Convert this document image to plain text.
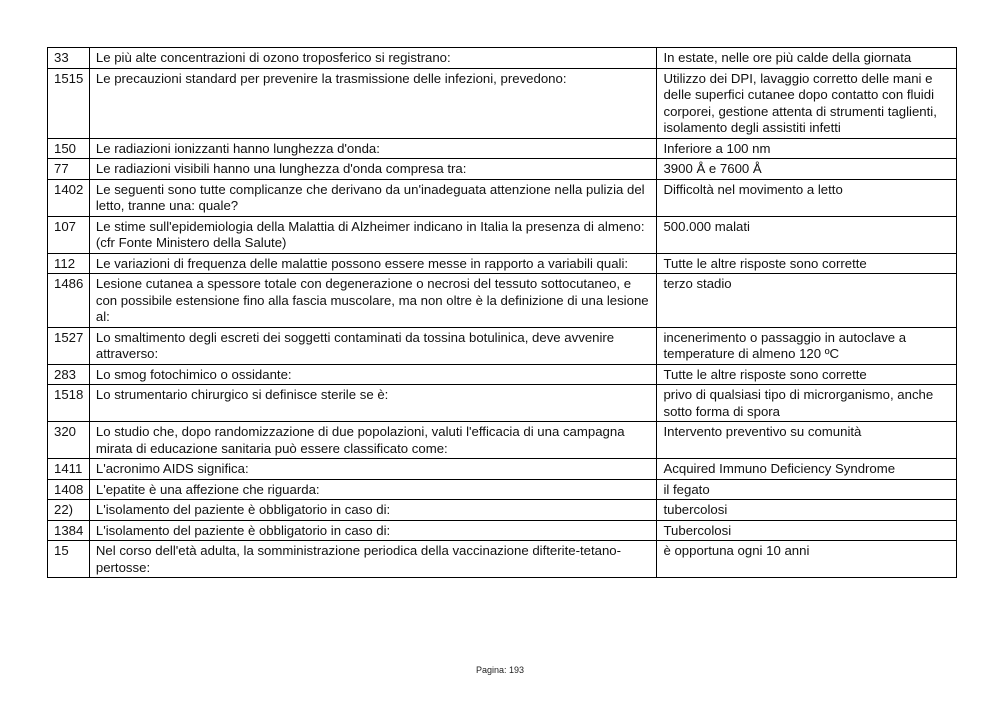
33	Le più alte concentrazioni di ozono troposferico si registrano:	In estate, nelle ore più calde della giornata
1515	Le precauzioni standard per prevenire la trasmissione delle infezioni, prevedono:	Utilizzo dei DPI, lavaggio corretto delle mani e delle superfici cutanee dopo contatto con fluidi corporei, gestione attenta di strumenti taglienti, isolamento degli assistiti infetti
150	Le radiazioni ionizzanti hanno lunghezza d'onda:	Inferiore a 100 nm
77	Le radiazioni visibili hanno una lunghezza d'onda compresa tra:	3900 Å e 7600 Å
1402	Le seguenti sono tutte complicanze che derivano da un'inadeguata attenzione nella pulizia del letto, tranne una: quale?	Difficoltà nel movimento a letto
107	Le stime sull'epidemiologia della Malattia di Alzheimer indicano in Italia la presenza di almeno: (cfr Fonte Ministero della Salute)	500.000 malati
112	Le variazioni di frequenza delle malattie possono essere messe in rapporto a variabili quali:	Tutte le altre risposte sono corrette
1486	Lesione cutanea a spessore totale con degenerazione o necrosi del tessuto sottocutaneo, e con possibile estensione fino alla fascia muscolare, ma non oltre è la definizione di una lesione al:	terzo stadio
1527	Lo smaltimento degli escreti dei soggetti contaminati da tossina botulinica, deve avvenire attraverso:	incenerimento o passaggio in autoclave a temperature di almeno 120 ºC
283	Lo smog fotochimico o ossidante:	Tutte le altre risposte sono corrette
1518	Lo strumentario chirurgico si definisce sterile se è:	privo di qualsiasi tipo di microrganismo, anche sotto forma di spora
320	Lo studio che, dopo randomizzazione di due popolazioni, valuti l'efficacia di una campagna mirata di educazione sanitaria può essere classificato come:	Intervento preventivo su comunità
1411	L'acronimo AIDS significa:	Acquired Immuno Deficiency Syndrome
1408	L'epatite è una affezione che riguarda:	il fegato
22)	L'isolamento del paziente è obbligatorio in caso di:	tubercolosi
1384	L'isolamento del paziente è obbligatorio in caso di:	Tubercolosi
15	Nel corso dell'età adulta, la somministrazione periodica della vaccinazione difterite-tetano-pertosse:	è opportuna ogni 10 anni
Pagina: 193
